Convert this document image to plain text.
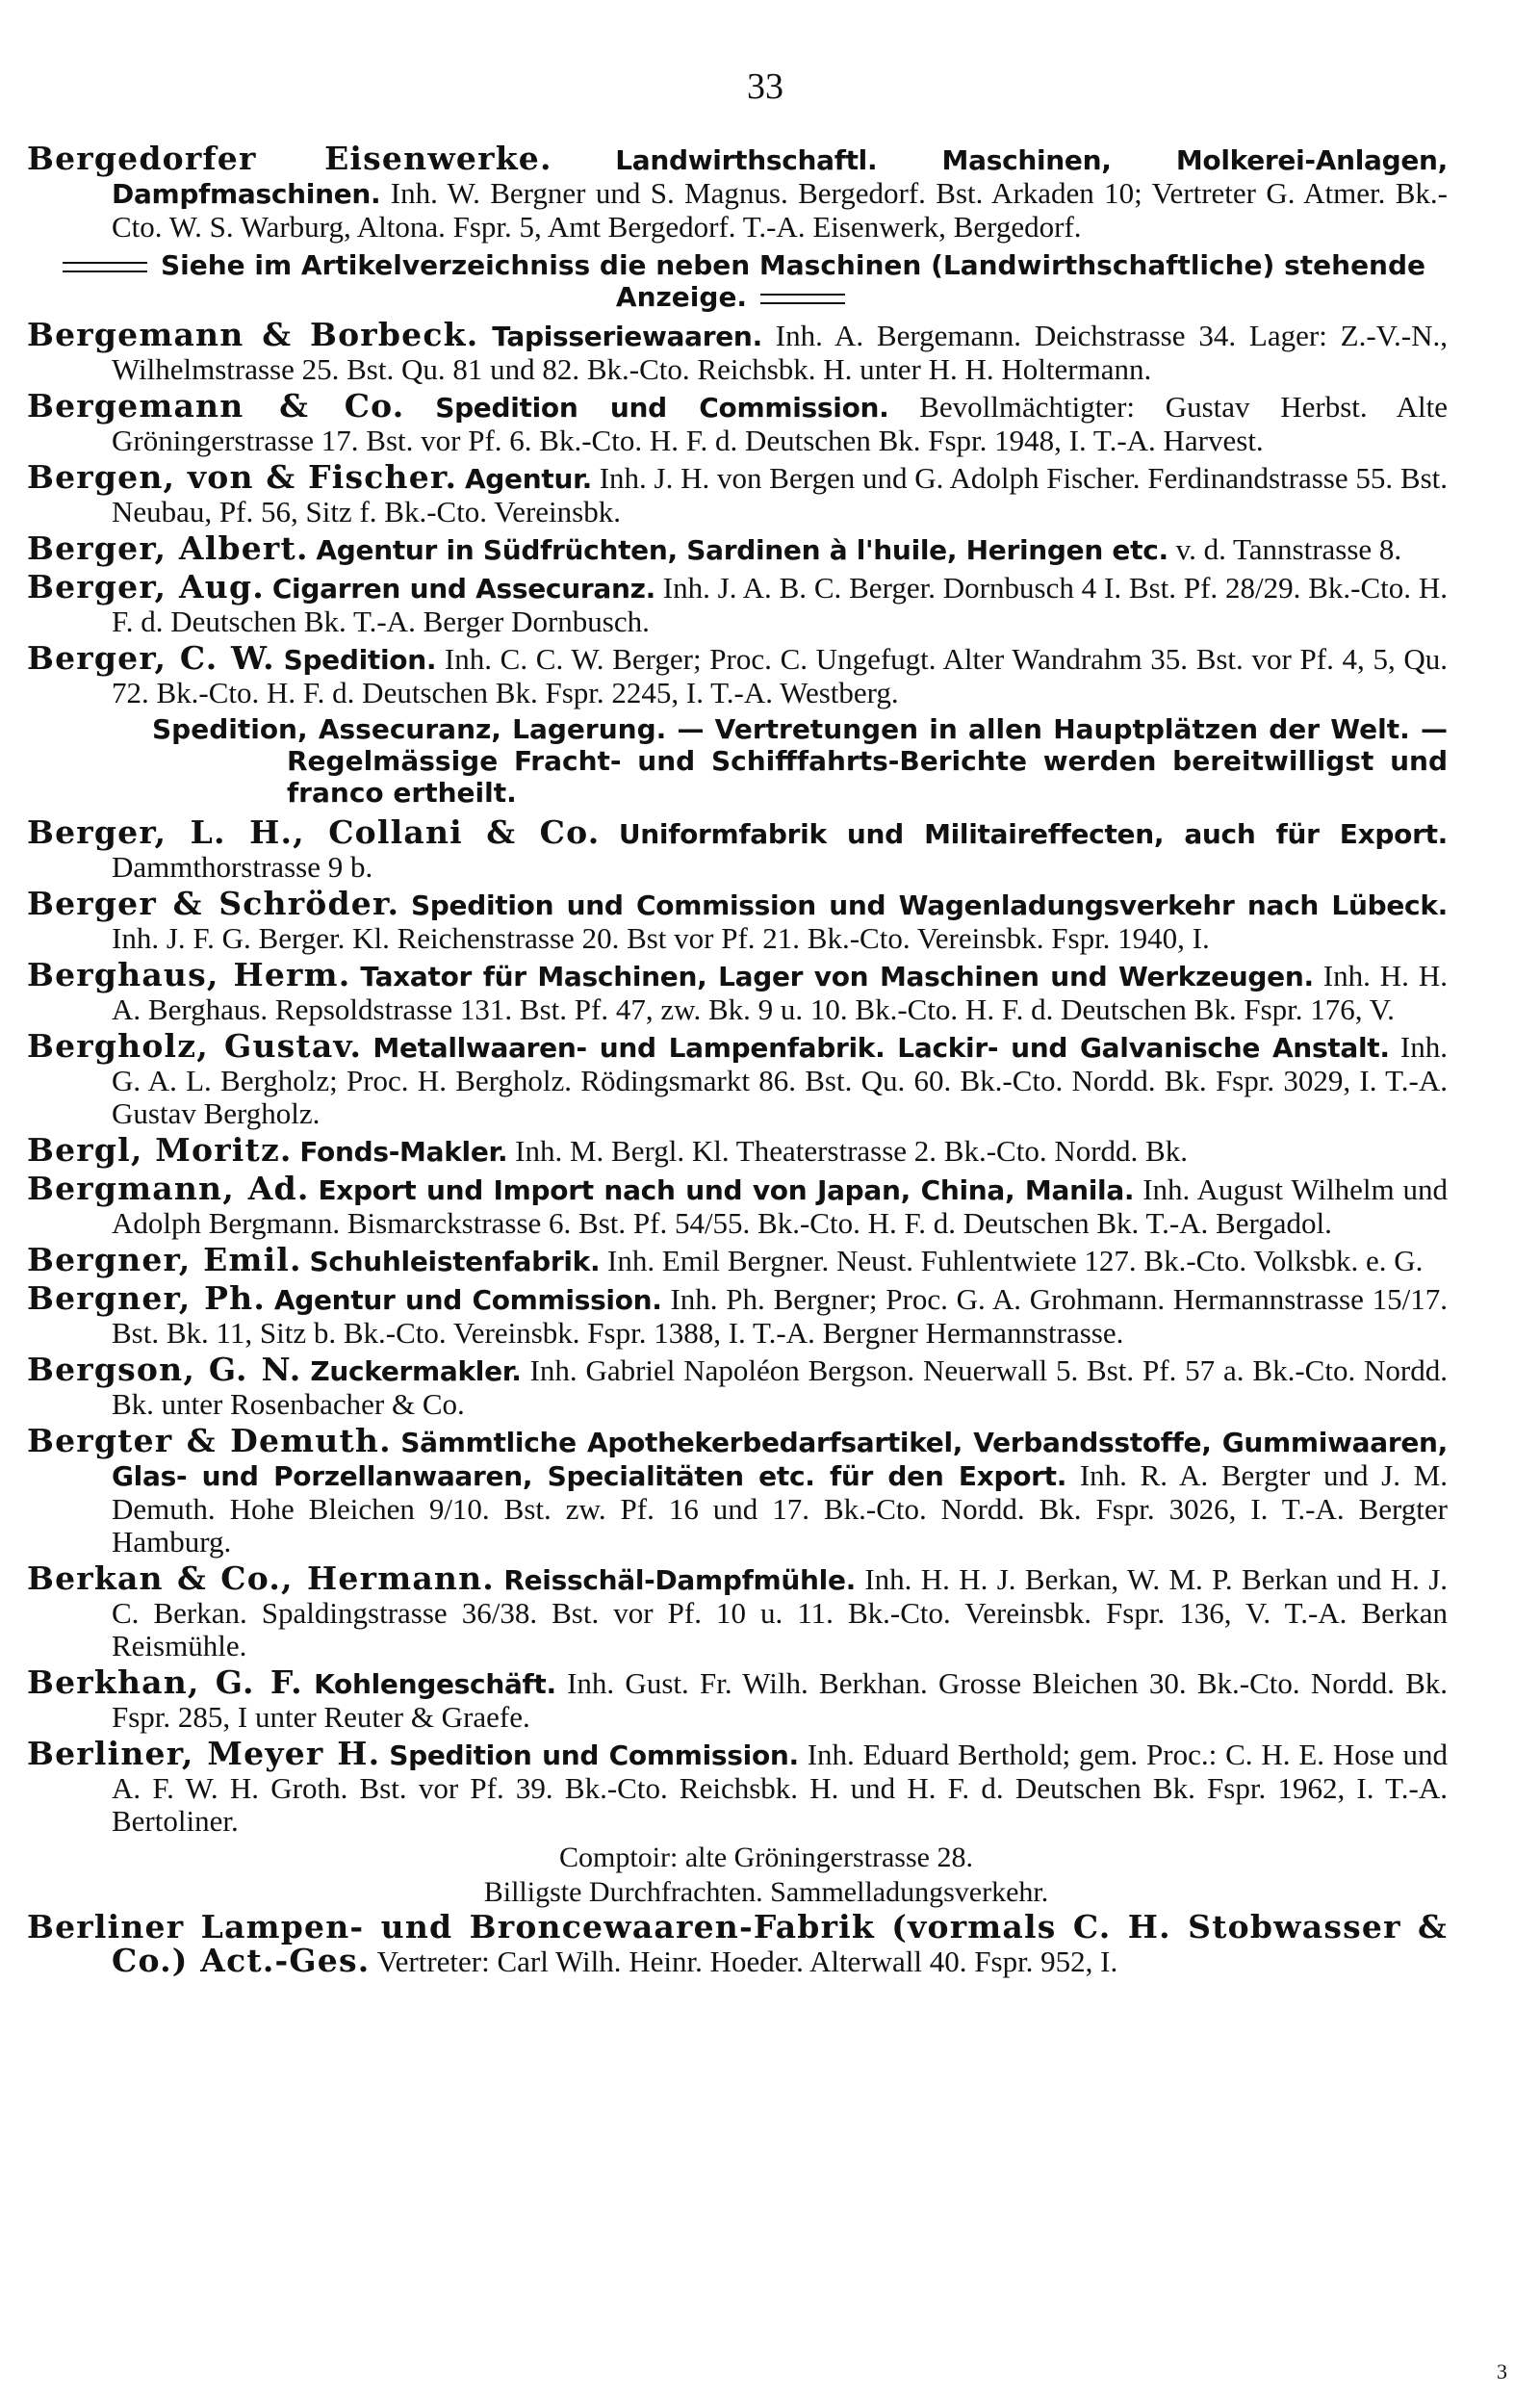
33

Bergedorfer Eisenwerke. Landwirthschaftl. Maschinen, Molkerei-Anlagen, Dampfmaschinen. Inh. W. Bergner und S. Magnus. Bergedorf. Bst. Arkaden 10; Vertreter G. Atmer. Bk.-Cto. W. S. Warburg, Altona. Fspr. 5, Amt Bergedorf. T.-A. Eisenwerk, Bergedorf.

Siehe im Artikelverzeichniss die neben Maschinen (Landwirthschaftliche) stehende Anzeige.

Bergemann & Borbeck. Tapisseriewaaren. Inh. A. Bergemann. Deichstrasse 34. Lager: Z.-V.-N., Wilhelmstrasse 25. Bst. Qu. 81 und 82. Bk.-Cto. Reichsbk. H. unter H. H. Holtermann.

Bergemann & Co. Spedition und Commission. Bevollmächtigter: Gustav Herbst. Alte Gröningerstrasse 17. Bst. vor Pf. 6. Bk.-Cto. H. F. d. Deutschen Bk. Fspr. 1948, I. T.-A. Harvest.

Bergen, von & Fischer. Agentur. Inh. J. H. von Bergen und G. Adolph Fischer. Ferdinandstrasse 55. Bst. Neubau, Pf. 56, Sitz f. Bk.-Cto. Vereinsbk.

Berger, Albert. Agentur in Südfrüchten, Sardinen à l'huile, Heringen etc. v. d. Tannstrasse 8.

Berger, Aug. Cigarren und Assecuranz. Inh. J. A. B. C. Berger. Dornbusch 4 I. Bst. Pf. 28/29. Bk.-Cto. H. F. d. Deutschen Bk. T.-A. Berger Dornbusch.

Berger, C. W. Spedition. Inh. C. C. W. Berger; Proc. C. Ungefugt. Alter Wandrahm 35. Bst. vor Pf. 4, 5, Qu. 72. Bk.-Cto. H. F. d. Deutschen Bk. Fspr. 2245, I. T.-A. Westberg.

Spedition, Assecuranz, Lagerung. — Vertretungen in allen Hauptplätzen der Welt. — Regelmässige Fracht- und Schifffahrts-Berichte werden bereitwilligst und franco ertheilt.

Berger, L. H., Collani & Co. Uniformfabrik und Militaireffecten, auch für Export. Dammthorstrasse 9 b.

Berger & Schröder. Spedition und Commission und Wagenladungsverkehr nach Lübeck. Inh. J. F. G. Berger. Kl. Reichenstrasse 20. Bst vor Pf. 21. Bk.-Cto. Vereinsbk. Fspr. 1940, I.

Berghaus, Herm. Taxator für Maschinen, Lager von Maschinen und Werkzeugen. Inh. H. H. A. Berghaus. Repsoldstrasse 131. Bst. Pf. 47, zw. Bk. 9 u. 10. Bk.-Cto. H. F. d. Deutschen Bk. Fspr. 176, V.

Bergholz, Gustav. Metallwaaren- und Lampenfabrik. Lackir- und Galvanische Anstalt. Inh. G. A. L. Bergholz; Proc. H. Bergholz. Rödingsmarkt 86. Bst. Qu. 60. Bk.-Cto. Nordd. Bk. Fspr. 3029, I. T.-A. Gustav Bergholz.

Bergl, Moritz. Fonds-Makler. Inh. M. Bergl. Kl. Theaterstrasse 2. Bk.-Cto. Nordd. Bk.

Bergmann, Ad. Export und Import nach und von Japan, China, Manila. Inh. August Wilhelm und Adolph Bergmann. Bismarckstrasse 6. Bst. Pf. 54/55. Bk.-Cto. H. F. d. Deutschen Bk. T.-A. Bergadol.

Bergner, Emil. Schuhleistenfabrik. Inh. Emil Bergner. Neust. Fuhlentwiete 127. Bk.-Cto. Volksbk. e. G.

Bergner, Ph. Agentur und Commission. Inh. Ph. Bergner; Proc. G. A. Grohmann. Hermannstrasse 15/17. Bst. Bk. 11, Sitz b. Bk.-Cto. Vereinsbk. Fspr. 1388, I. T.-A. Bergner Hermannstrasse.

Bergson, G. N. Zuckermakler. Inh. Gabriel Napoléon Bergson. Neuerwall 5. Bst. Pf. 57 a. Bk.-Cto. Nordd. Bk. unter Rosenbacher & Co.

Bergter & Demuth. Sämmtliche Apothekerbedarfsartikel, Verbandsstoffe, Gummiwaaren, Glas- und Porzellanwaaren, Specialitäten etc. für den Export. Inh. R. A. Bergter und J. M. Demuth. Hohe Bleichen 9/10. Bst. zw. Pf. 16 und 17. Bk.-Cto. Nordd. Bk. Fspr. 3026, I. T.-A. Bergter Hamburg.

Berkan & Co., Hermann. Reisschäl-Dampfmühle. Inh. H. H. J. Berkan, W. M. P. Berkan und H. J. C. Berkan. Spaldingstrasse 36/38. Bst. vor Pf. 10 u. 11. Bk.-Cto. Vereinsbk. Fspr. 136, V. T.-A. Berkan Reismühle.

Berkhan, G. F. Kohlengeschäft. Inh. Gust. Fr. Wilh. Berkhan. Grosse Bleichen 30. Bk.-Cto. Nordd. Bk. Fspr. 285, I unter Reuter & Graefe.

Berliner, Meyer H. Spedition und Commission. Inh. Eduard Berthold; gem. Proc.: C. H. E. Hose und A. F. W. H. Groth. Bst. vor Pf. 39. Bk.-Cto. Reichsbk. H. und H. F. d. Deutschen Bk. Fspr. 1962, I. T.-A. Bertoliner.

Comptoir: alte Gröningerstrasse 28.

Billigste Durchfrachten. Sammelladungsverkehr.

Berliner Lampen- und Broncewaaren-Fabrik (vormals C. H. Stobwasser & Co.) Act.-Ges. Vertreter: Carl Wilh. Heinr. Hoeder. Alterwall 40. Fspr. 952, I.

3
